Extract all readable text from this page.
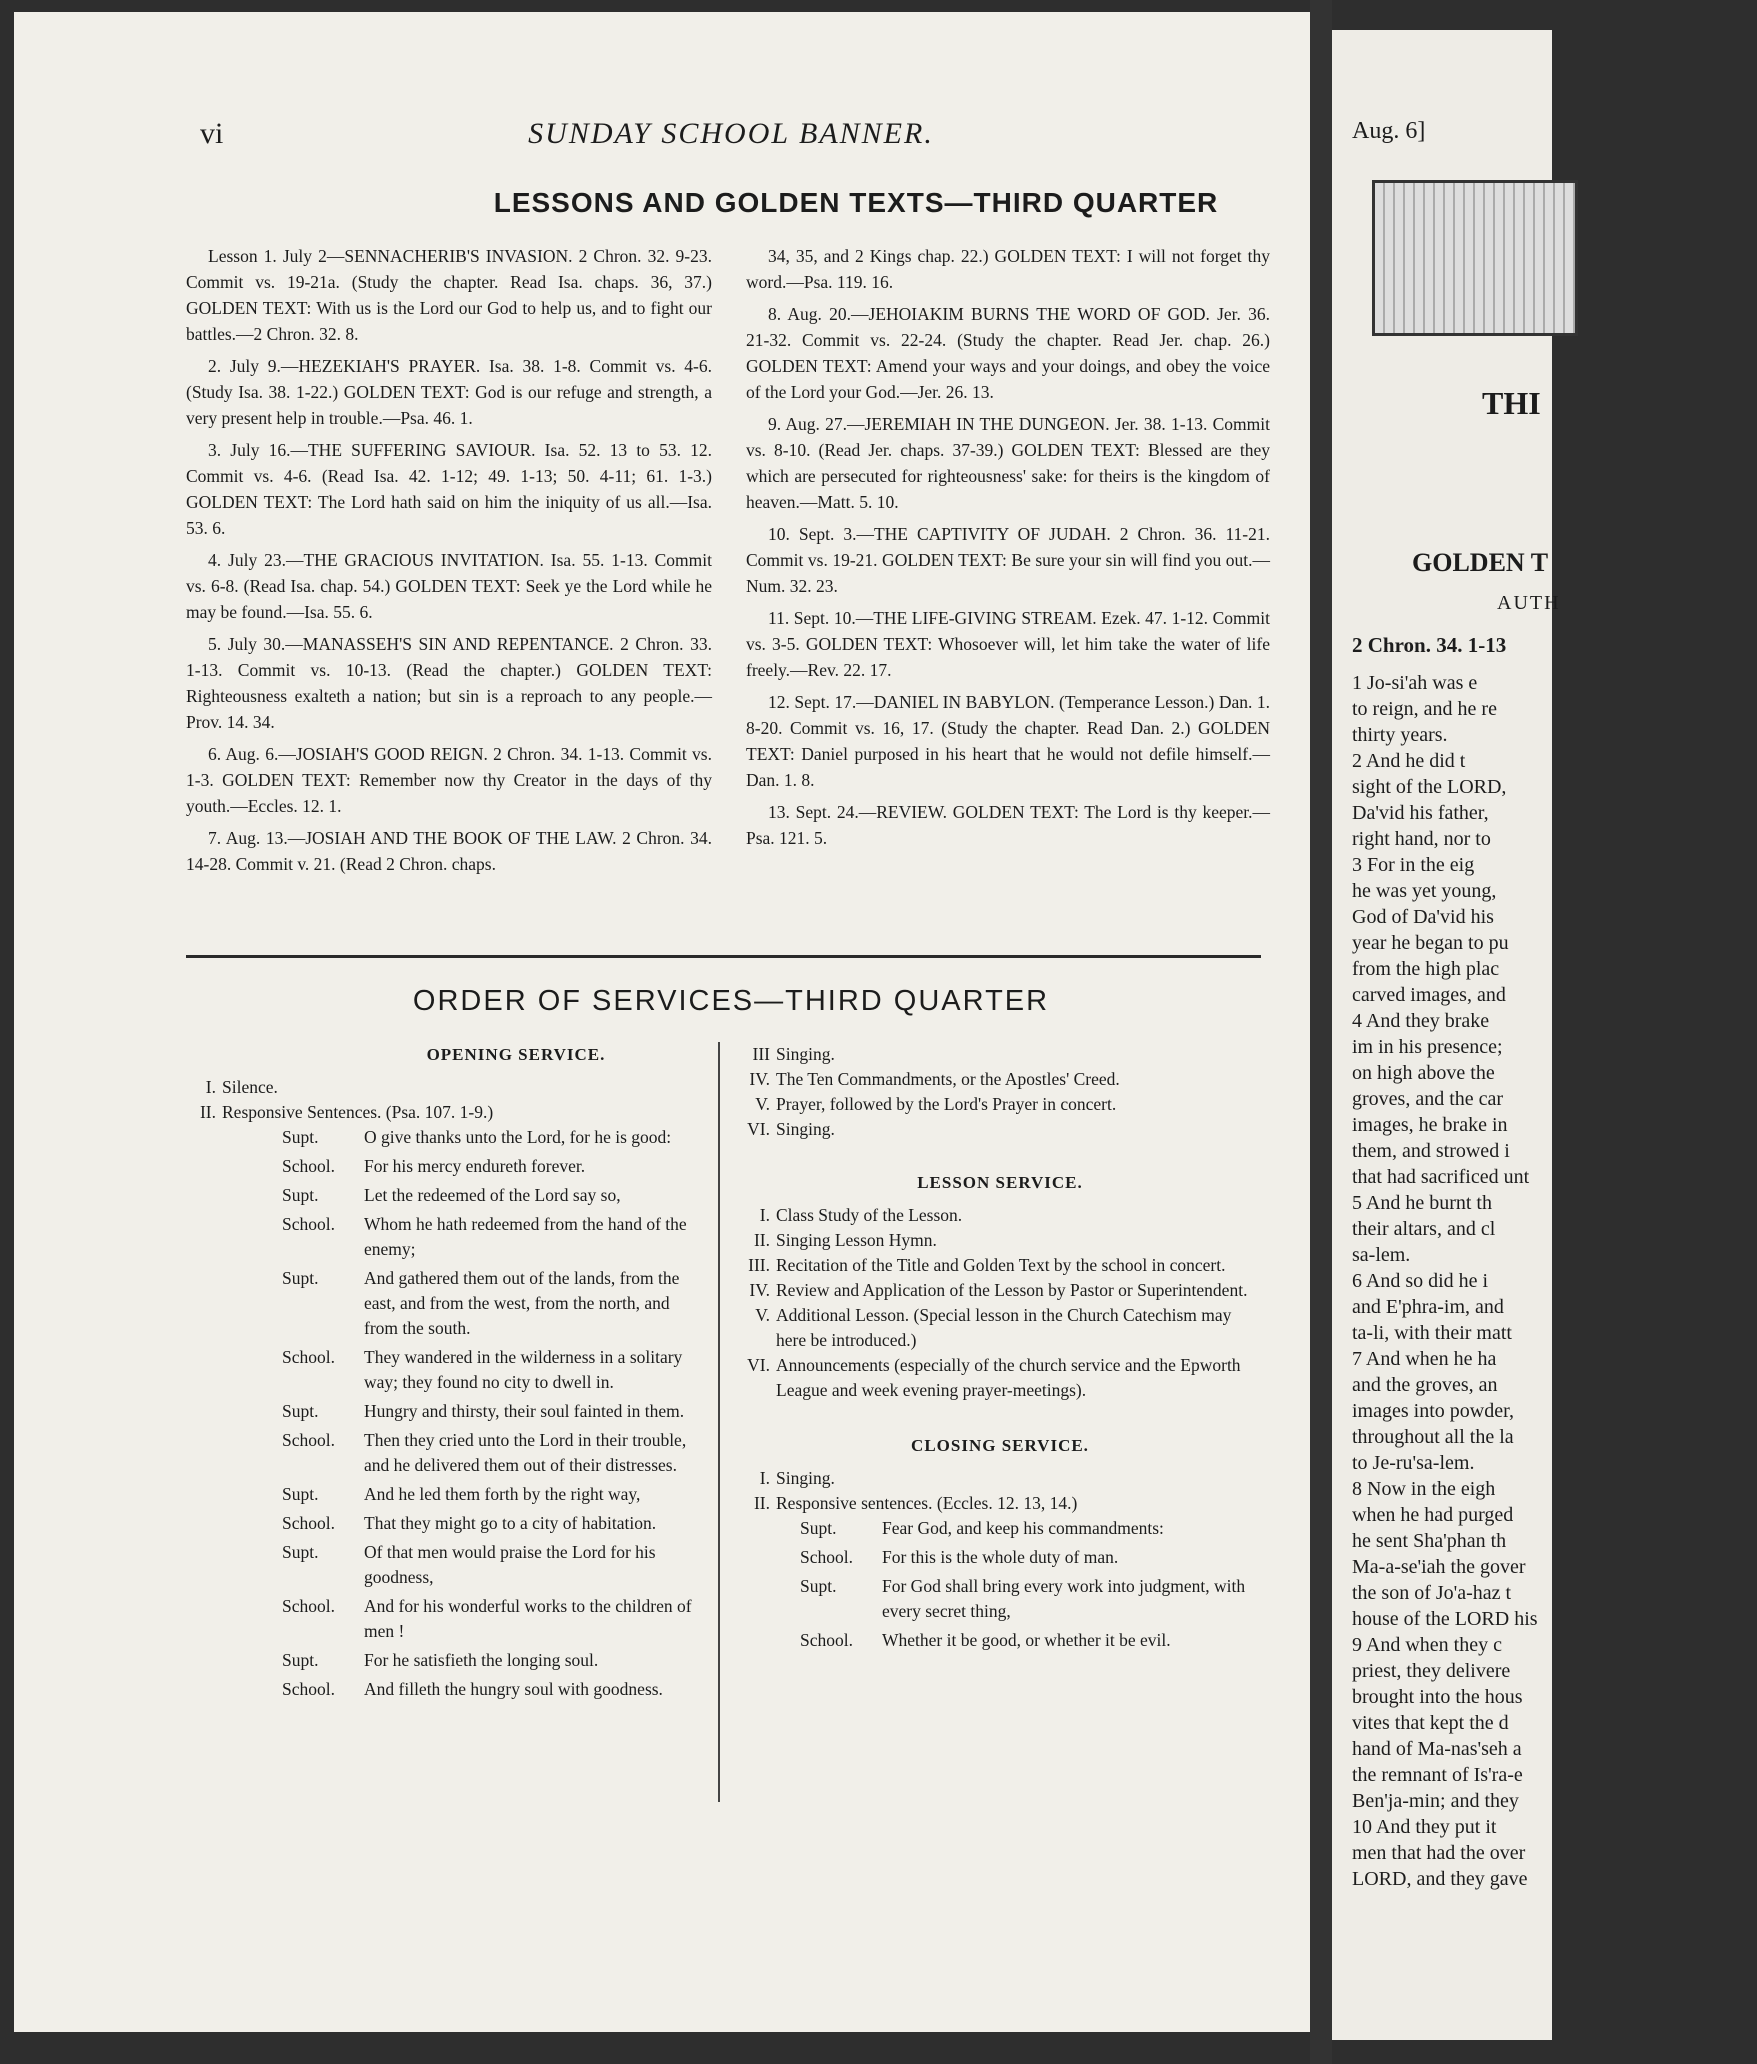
vi	SUNDAY SCHOOL BANNER.
LESSONS AND GOLDEN TEXTS—THIRD QUARTER

Lesson 1. July 2—SENNACHERIB'S INVASION. 2 Chron. 32. 9-23. Commit vs. 19-21a. (Study the chapter. Read Isa. chaps. 36, 37.) GOLDEN TEXT: With us is the Lord our God to help us, and to fight our battles.—2 Chron. 32. 8.

2. July 9.—HEZEKIAH'S PRAYER. Isa. 38. 1-8. Commit vs. 4-6. (Study Isa. 38. 1-22.) GOLDEN TEXT: God is our refuge and strength, a very present help in trouble.—Psa. 46. 1.

3. July 16.—THE SUFFERING SAVIOUR. Isa. 52. 13 to 53. 12. Commit vs. 4-6. (Read Isa. 42. 1-12; 49. 1-13; 50. 4-11; 61. 1-3.) GOLDEN TEXT: The Lord hath said on him the iniquity of us all.—Isa. 53. 6.

4. July 23.—THE GRACIOUS INVITATION. Isa. 55. 1-13. Commit vs. 6-8. (Read Isa. chap. 54.) GOLDEN TEXT: Seek ye the Lord while he may be found.—Isa. 55. 6.

5. July 30.—MANASSEH'S SIN AND REPENTANCE. 2 Chron. 33. 1-13. Commit vs. 10-13. (Read the chapter.) GOLDEN TEXT: Righteousness exalteth a nation; but sin is a reproach to any people.—Prov. 14. 34.

6. Aug. 6.—JOSIAH'S GOOD REIGN. 2 Chron. 34. 1-13. Commit vs. 1-3. GOLDEN TEXT: Remember now thy Creator in the days of thy youth.—Eccles. 12. 1.

7. Aug. 13.—JOSIAH AND THE BOOK OF THE LAW. 2 Chron. 34. 14-28. Commit v. 21. (Read 2 Chron. chaps.

34, 35, and 2 Kings chap. 22.) GOLDEN TEXT: I will not forget thy word.—Psa. 119. 16.

8. Aug. 20.—JEHOIAKIM BURNS THE WORD OF GOD. Jer. 36. 21-32. Commit vs. 22-24. (Study the chapter. Read Jer. chap. 26.) GOLDEN TEXT: Amend your ways and your doings, and obey the voice of the Lord your God.—Jer. 26. 13.

9. Aug. 27.—JEREMIAH IN THE DUNGEON. Jer. 38. 1-13. Commit vs. 8-10. (Read Jer. chaps. 37-39.) GOLDEN TEXT: Blessed are they which are persecuted for righteousness' sake: for theirs is the kingdom of heaven.—Matt. 5. 10.

10. Sept. 3.—THE CAPTIVITY OF JUDAH. 2 Chron. 36. 11-21. Commit vs. 19-21. GOLDEN TEXT: Be sure your sin will find you out.—Num. 32. 23.

11. Sept. 10.—THE LIFE-GIVING STREAM. Ezek. 47. 1-12. Commit vs. 3-5. GOLDEN TEXT: Whosoever will, let him take the water of life freely.—Rev. 22. 17.

12. Sept. 17.—DANIEL IN BABYLON. (Temperance Lesson.) Dan. 1. 8-20. Commit vs. 16, 17. (Study the chapter. Read Dan. 2.) GOLDEN TEXT: Daniel purposed in his heart that he would not defile himself.—Dan. 1. 8.

13. Sept. 24.—REVIEW. GOLDEN TEXT: The Lord is thy keeper.—Psa. 121. 5.

ORDER OF SERVICES—THIRD QUARTER
OPENING SERVICE.
I. Silence.
II. Responsive Sentences. (Psa. 107. 1-9.)
Supt.	O give thanks unto the Lord, for he is good:
School.	For his mercy endureth forever.
Supt.	Let the redeemed of the Lord say so,
School.	Whom he hath redeemed from the hand of the enemy;
Supt.	And gathered them out of the lands, from the east, and from the west, from the north, and from the south.
School.	They wandered in the wilderness in a solitary way; they found no city to dwell in.
Supt.	Hungry and thirsty, their soul fainted in them.
School.	Then they cried unto the Lord in their trouble, and he delivered them out of their distresses.
Supt.	And he led them forth by the right way,
School.	That they might go to a city of habitation.
Supt.	Of that men would praise the Lord for his goodness,
School.	And for his wonderful works to the children of men !
Supt.	For he satisfieth the longing soul.
School.	And filleth the hungry soul with goodness.
III Singing.
IV. The Ten Commandments, or the Apostles' Creed.
V. Prayer, followed by the Lord's Prayer in concert.
VI. Singing.
LESSON SERVICE.
I. Class Study of the Lesson.
II. Singing Lesson Hymn.
III. Recitation of the Title and Golden Text by the school in concert.
IV. Review and Application of the Lesson by Pastor or Superintendent.
V. Additional Lesson. (Special lesson in the Church Catechism may here be introduced.)
VI. Announcements (especially of the church service and the Epworth League and week evening prayer-meetings).
CLOSING SERVICE.
I. Singing.
II. Responsive sentences. (Eccles. 12. 13, 14.)
Supt.	Fear God, and keep his commandments:
School.	For this is the whole duty of man.
Supt.	For God shall bring every work into judgment, with every secret thing,
School.	Whether it be good, or whether it be evil.
Aug. 6]
THI
GOLDEN T
AUTH
2 Chron. 34. 1-13
1 Jo-si'ah was e
to reign, and he re
thirty years.
2 And he did t
sight of the LORD,
Da'vid his father,
right hand, nor to
3 For in the eig
he was yet young,
God of Da'vid his
year he began to pu
from the high plac
carved images, and
4 And they brake
im in his presence;
on high above the
groves, and the car
images, he brake in
them, and strowed i
that had sacrificed unt
5 And he burnt th
their altars, and cl
sa-lem.
6 And so did he i
and E'phra-im, and
ta-li, with their matt
7 And when he ha
and the groves, an
images into powder,
throughout all the la
to Je-ru'sa-lem.
8 Now in the eigh
when he had purged
he sent Sha'phan th
Ma-a-se'iah the gover
the son of Jo'a-haz t
house of the LORD his
9 And when they c
priest, they delivere
brought into the hous
vites that kept the d
hand of Ma-nas'seh a
the remnant of Is'ra-e
Ben'ja-min; and they
10 And they put it
men that had the over
LORD, and they gave
